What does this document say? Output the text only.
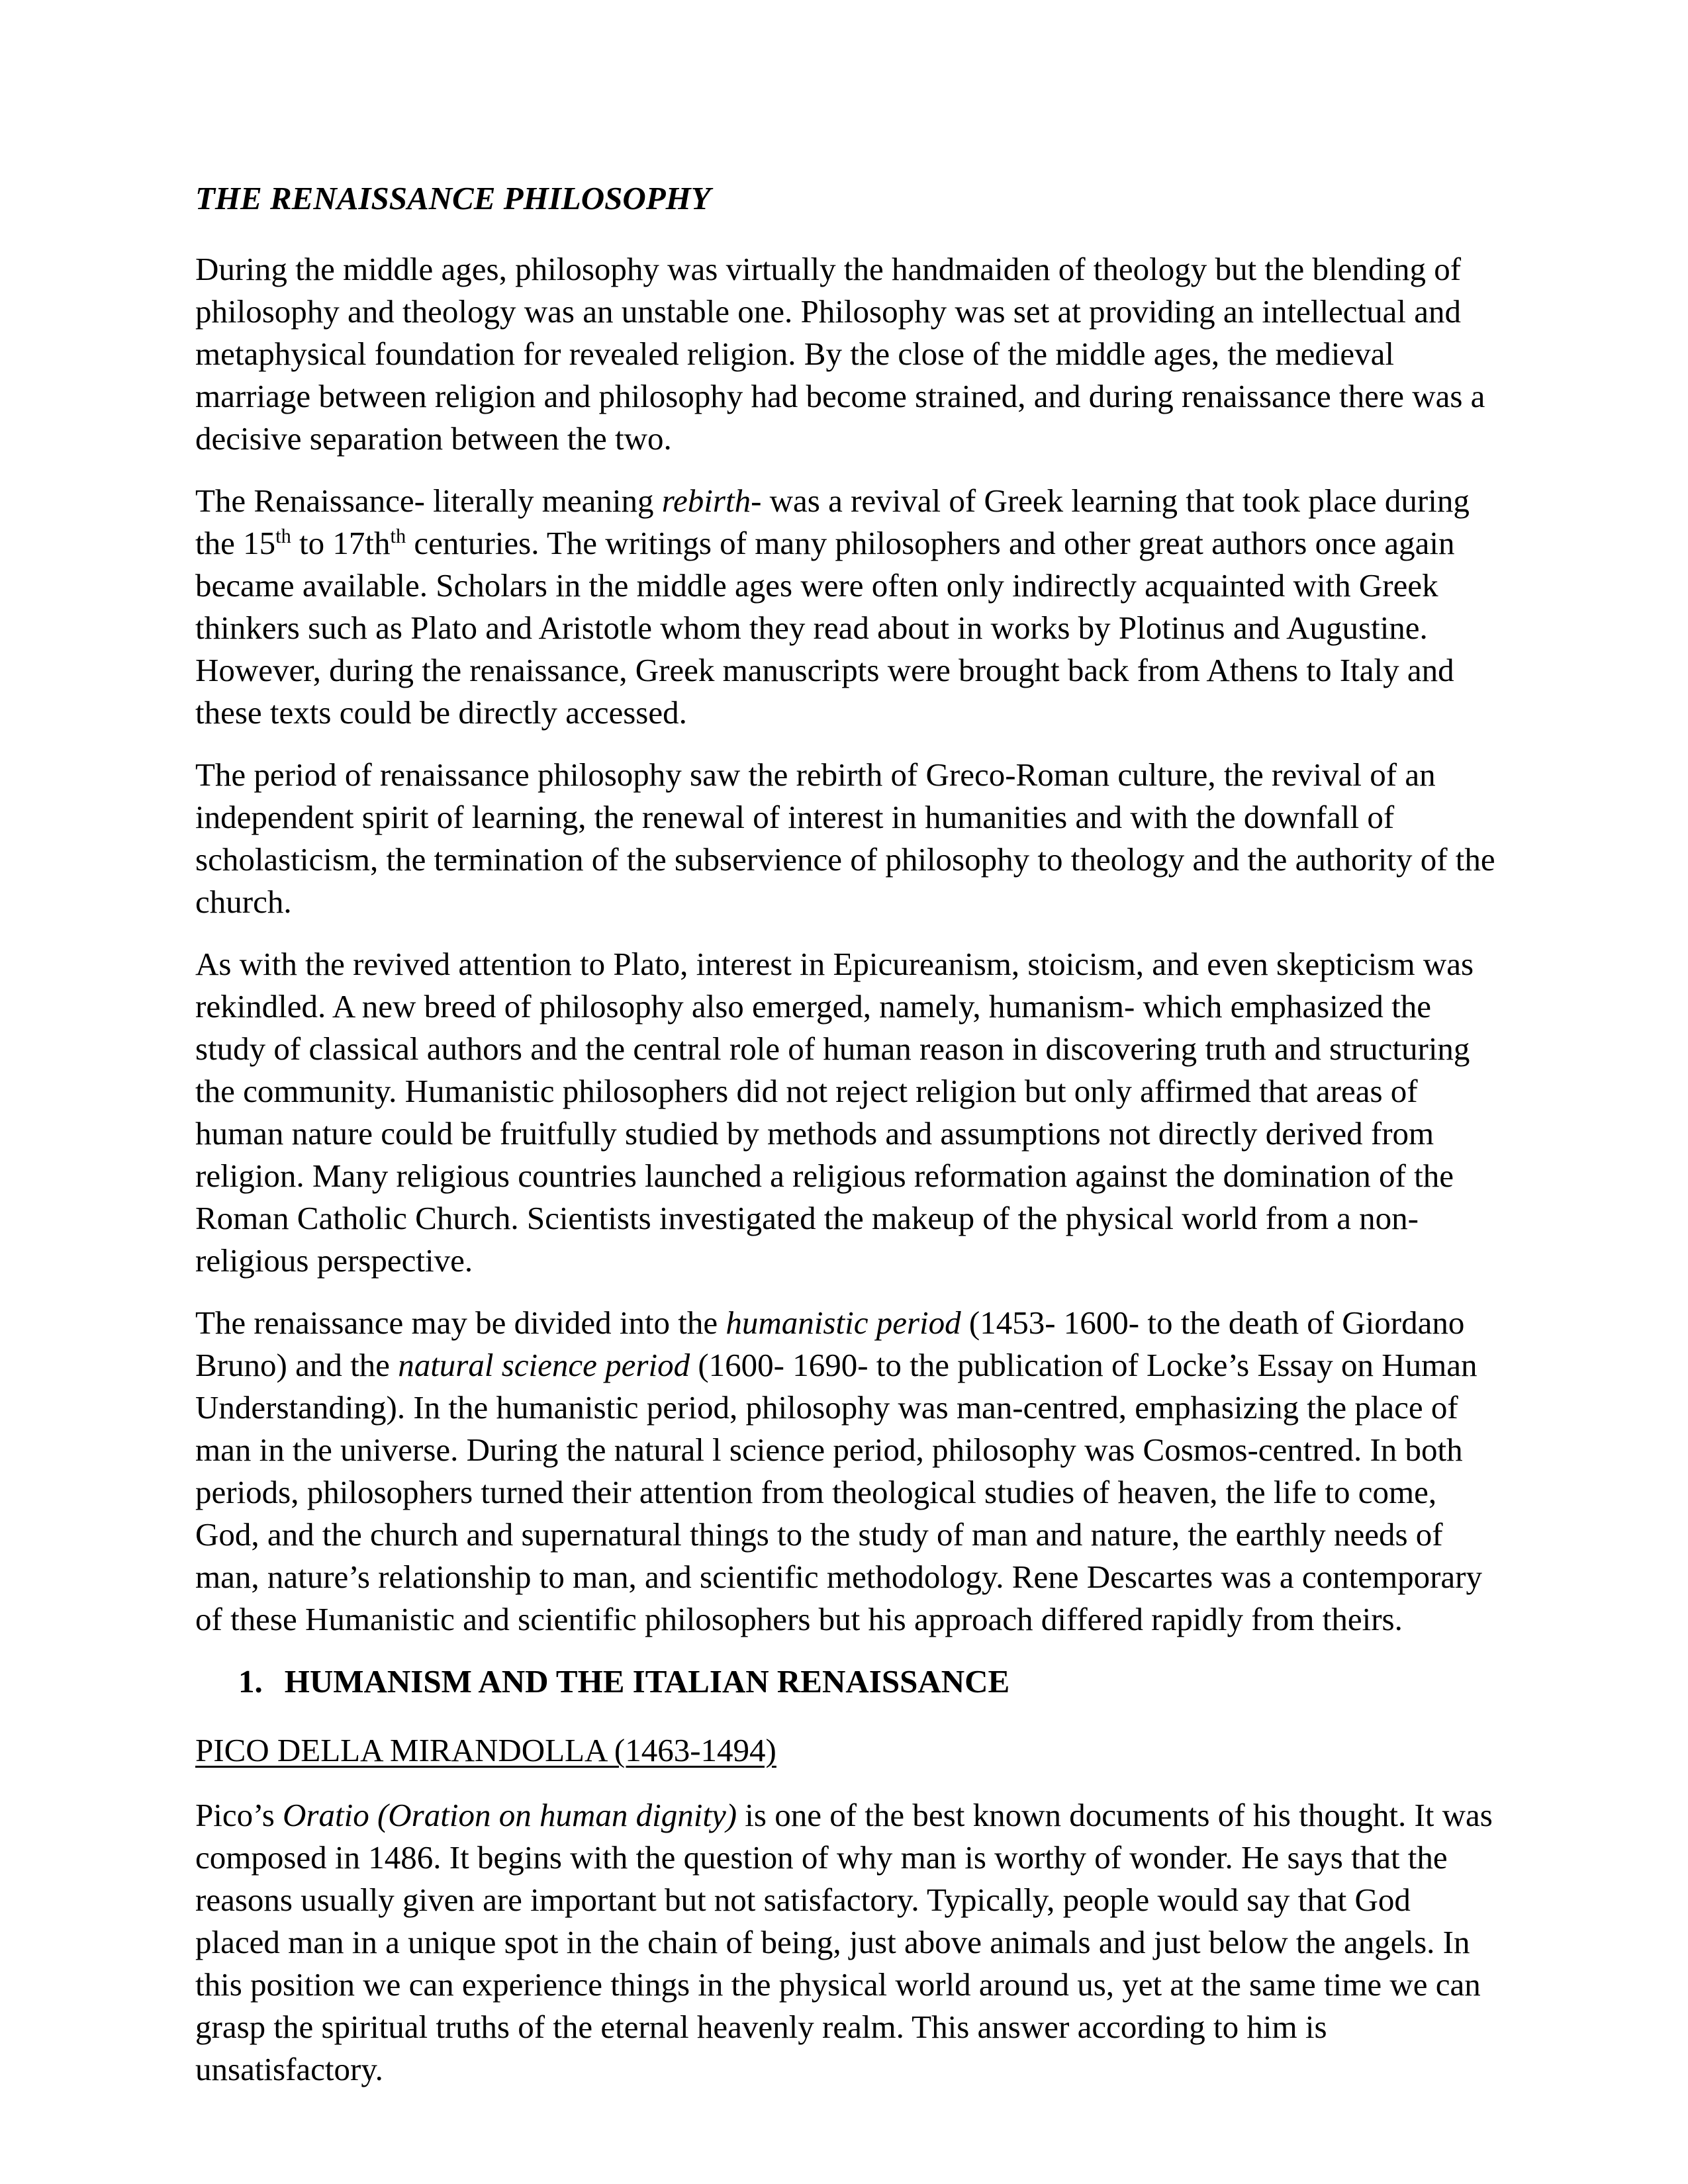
THE RENAISSANCE PHILOSOPHY

During the middle ages, philosophy was virtually the handmaiden of theology but the blending of philosophy and theology was an unstable one. Philosophy was set at providing an intellectual and metaphysical foundation for revealed religion. By the close of the middle ages, the medieval marriage between religion and philosophy had become strained, and during renaissance there was a decisive separation between the two.

The Renaissance- literally meaning rebirth- was a revival of Greek learning that took place during the 15th to $17th^{th}$ centuries. The writings of many philosophers and other great authors once again became available. Scholars in the middle ages were often only indirectly acquainted with Greek thinkers such as Plato and Aristotle whom they read about in works by Plotinus and Augustine. However, during the renaissance, Greek manuscripts were brought back from Athens to Italy and these texts could be directly accessed.

The period of renaissance philosophy saw the rebirth of Greco-Roman culture, the revival of an independent spirit of learning, the renewal of interest in humanities and with the downfall of scholasticism, the termination of the subservience of philosophy to theology and the authority of the church.

As with the revived attention to Plato, interest in Epicureanism, stoicism, and even skepticism was rekindled. A new breed of philosophy also emerged, namely, humanism- which emphasized the study of classical authors and the central role of human reason in discovering truth and structuring the community. Humanistic philosophers did not reject religion but only affirmed that areas of human nature could be fruitfully studied by methods and assumptions not directly derived from religion. Many religious countries launched a religious reformation against the domination of the Roman Catholic Church. Scientists investigated the makeup of the physical world from a non-religious perspective.

The renaissance may be divided into the humanistic period (1453- 1600- to the death of Giordano Bruno) and the natural science period (1600- 1690- to the publication of Locke’s Essay on Human Understanding). In the humanistic period, philosophy was man-centred, emphasizing the place of man in the universe. During the natural l science period, philosophy was Cosmos-centred. In both periods, philosophers turned their attention from theological studies of heaven, the life to come, God, and the church and supernatural things to the study of man and nature, the earthly needs of man, nature’s relationship to man, and scientific methodology. Rene Descartes was a contemporary of these Humanistic and scientific philosophers but his approach differed rapidly from theirs.

1. HUMANISM AND THE ITALIAN RENAISSANCE

PICO DELLA MIRANDOLLA (1463-1494)

Pico’s Oratio (Oration on human dignity) is one of the best known documents of his thought. It was composed in 1486. It begins with the question of why man is worthy of wonder. He says that the reasons usually given are important but not satisfactory. Typically, people would say that God placed man in a unique spot in the chain of being, just above animals and just below the angels. In this position we can experience things in the physical world around us, yet at the same time we can grasp the spiritual truths of the eternal heavenly realm. This answer according to him is unsatisfactory.
